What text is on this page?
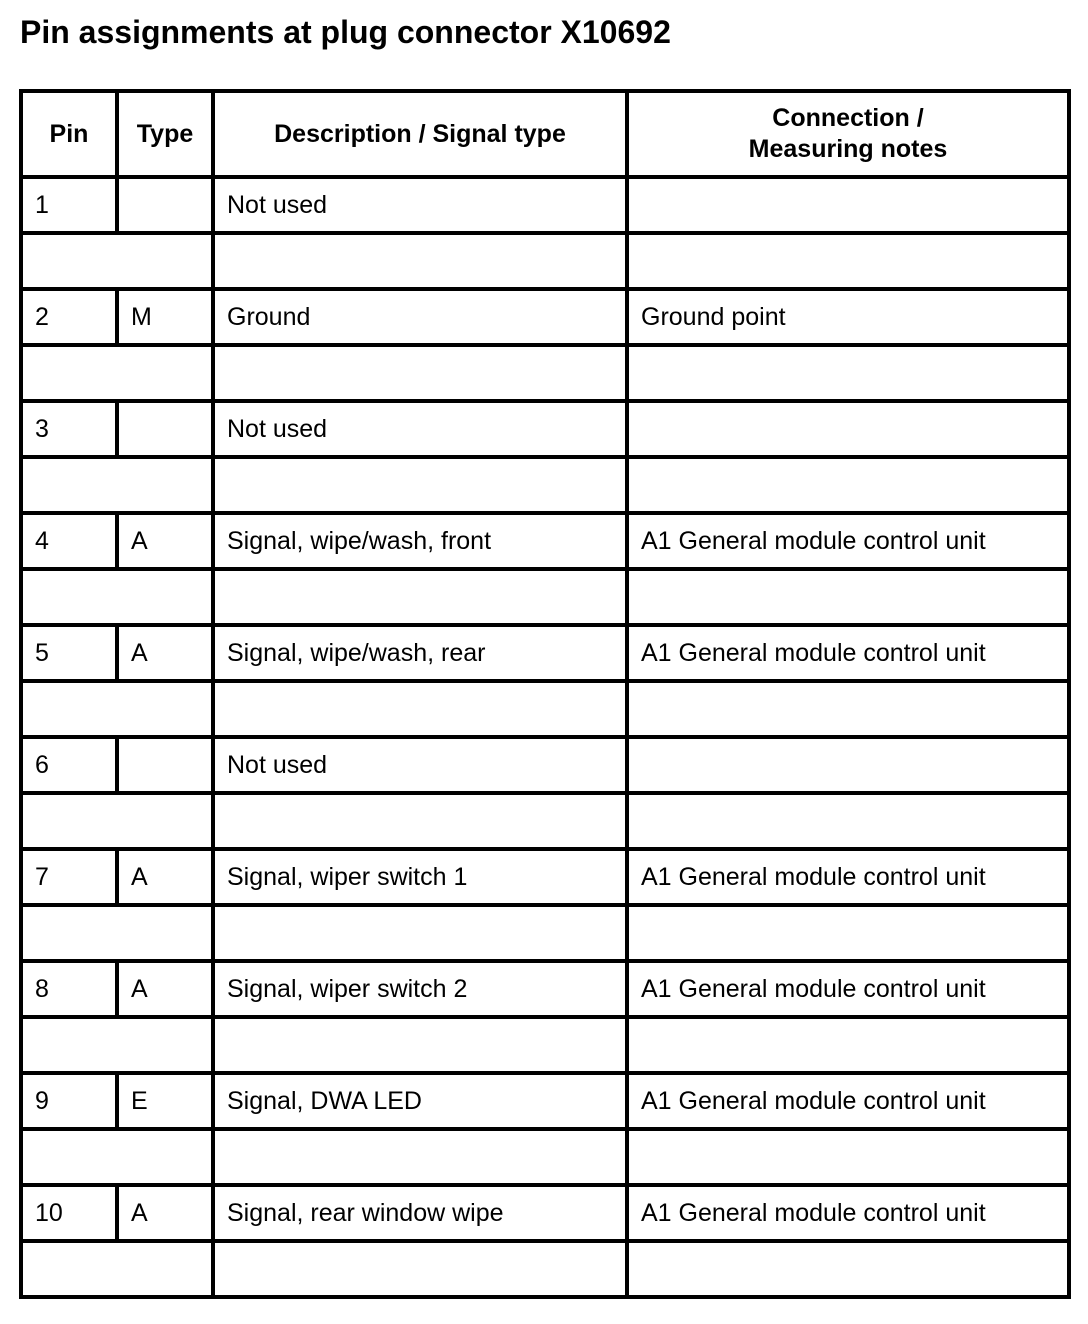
Pin assignments at plug connector X10692
Pin	Type	Description / Signal type	Connection /
Measuring notes
1		Not used	

2	M	Ground	Ground point

3		Not used	

4	A	Signal, wipe/wash, front	A1 General module control unit

5	A	Signal, wipe/wash, rear	A1 General module control unit

6		Not used	

7	A	Signal, wiper switch 1	A1 General module control unit

8	A	Signal, wiper switch 2	A1 General module control unit

9	E	Signal, DWA LED	A1 General module control unit

10	A	Signal, rear window wipe	A1 General module control unit
